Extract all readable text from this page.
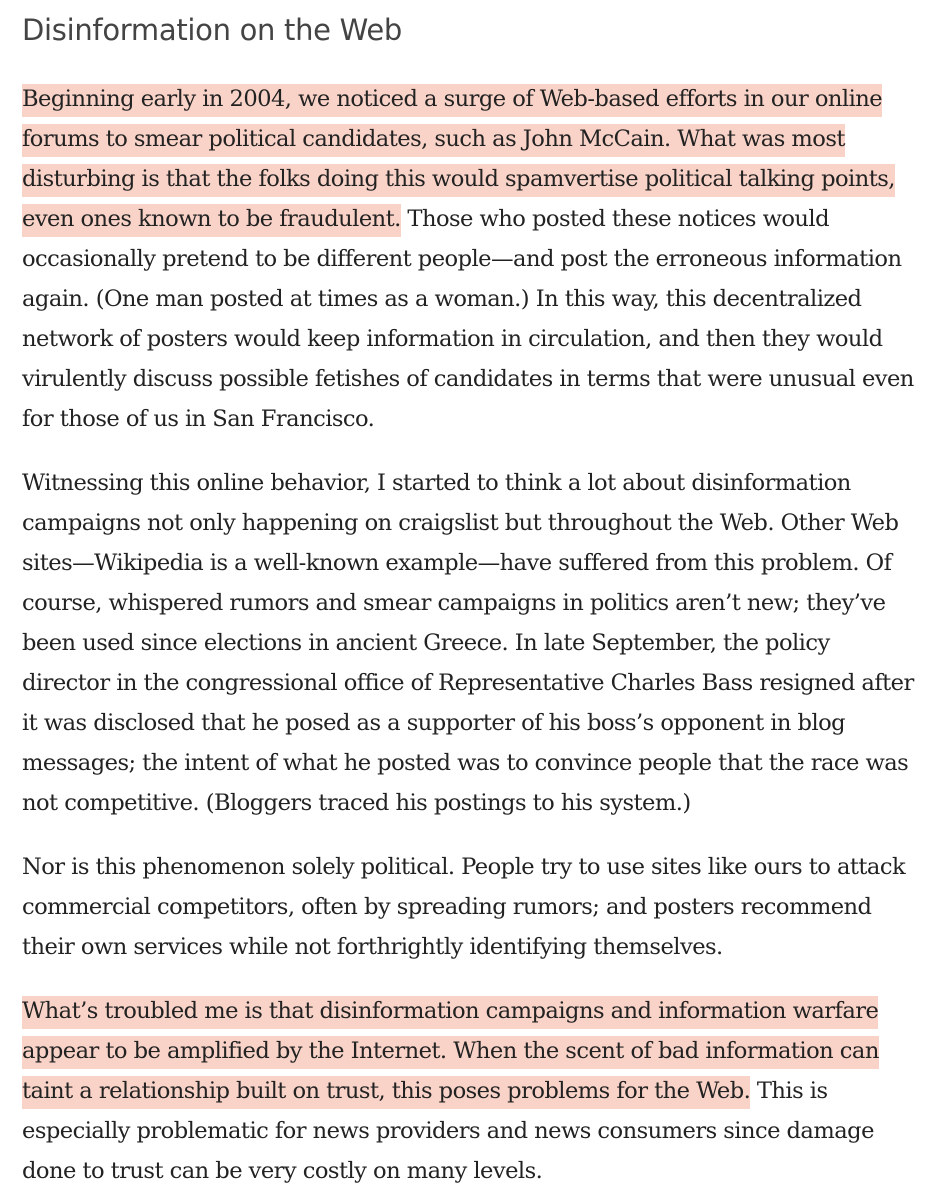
Disinformation on the Web

Beginning early in 2004, we noticed a surge of Web-based efforts in our online forums to smear political candidates, such as John McCain. What was most disturbing is that the folks doing this would spamvertise political talking points, even ones known to be fraudulent. Those who posted these notices would occasionally pretend to be different people—and post the erroneous information again. (One man posted at times as a woman.) In this way, this decentralized network of posters would keep information in circulation, and then they would virulently discuss possible fetishes of candidates in terms that were unusual even for those of us in San Francisco.

Witnessing this online behavior, I started to think a lot about disinformation campaigns not only happening on craigslist but throughout the Web. Other Web sites—Wikipedia is a well-known example—have suffered from this problem. Of course, whispered rumors and smear campaigns in politics aren’t new; they’ve been used since elections in ancient Greece. In late September, the policy director in the congressional office of Representative Charles Bass resigned after it was disclosed that he posed as a supporter of his boss’s opponent in blog messages; the intent of what he posted was to convince people that the race was not competitive. (Bloggers traced his postings to his system.)

Nor is this phenomenon solely political. People try to use sites like ours to attack commercial competitors, often by spreading rumors; and posters recommend their own services while not forthrightly identifying themselves.

What’s troubled me is that disinformation campaigns and information warfare appear to be amplified by the Internet. When the scent of bad information can taint a relationship built on trust, this poses problems for the Web. This is especially problematic for news providers and news consumers since damage done to trust can be very costly on many levels.
